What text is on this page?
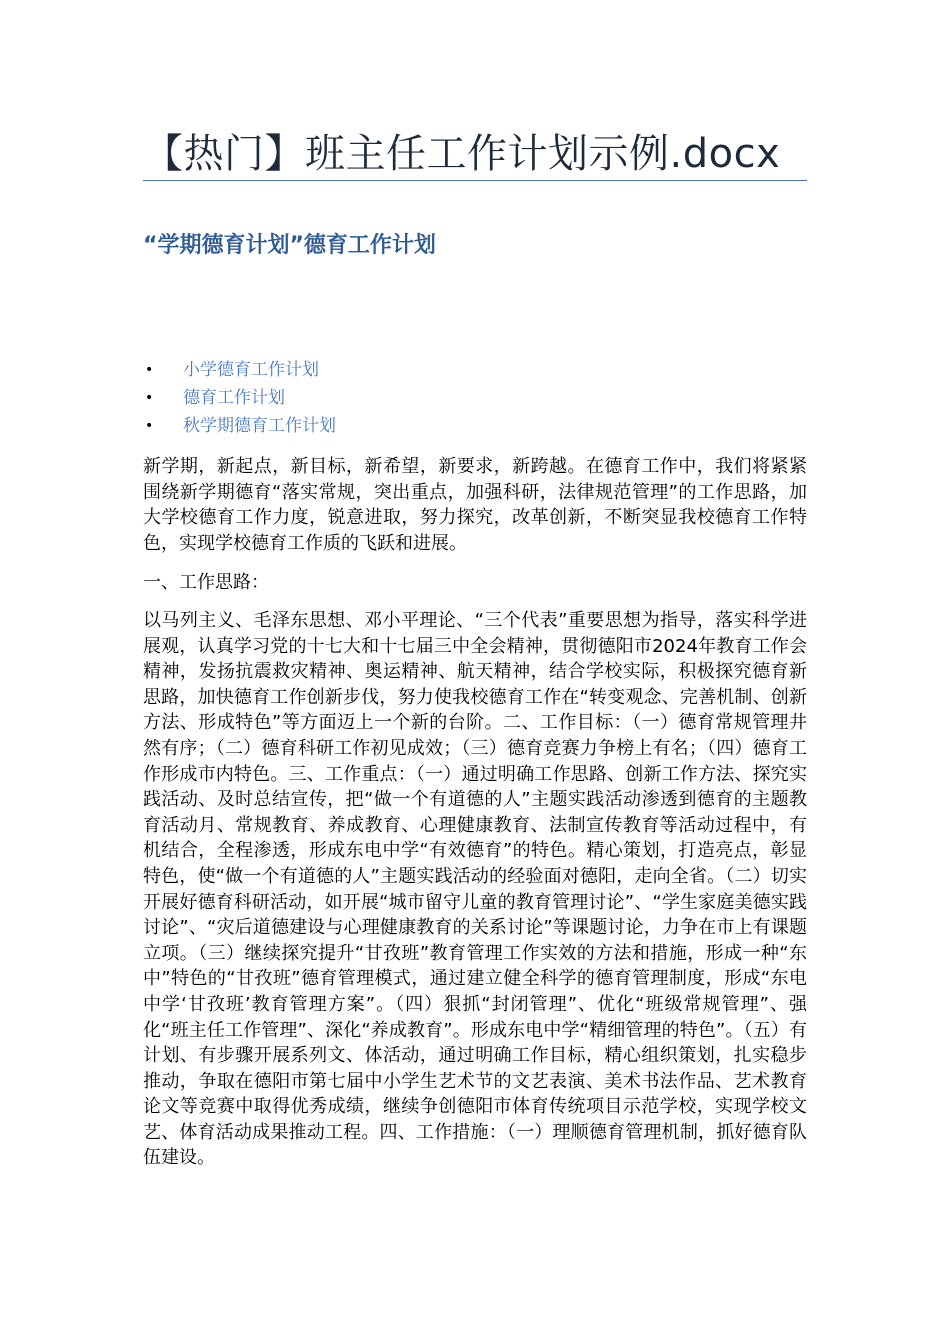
【热门】班主任工作计划示例.docx
“学期德育计划”德育工作计划
• 小学德育工作计划
• 德育工作计划
• 秋学期德育工作计划

新学期，新起点，新目标，新希望，新要求，新跨越。在德育工作中，我们将紧紧围绕新学期德育“落实常规，突出重点，加强科研，法律规范管理”的工作思路，加大学校德育工作力度，锐意进取，努力探究，改革创新，不断突显我校德育工作特色，实现学校德育工作质的飞跃和进展。

一、工作思路：

以马列主义、毛泽东思想、邓小平理论、“三个代表”重要思想为指导，落实科学进展观，认真学习党的十七大和十七届三中全会精神，贯彻德阳市2024年教育工作会精神，发扬抗震救灾精神、奥运精神、航天精神，结合学校实际，积极探究德育新思路，加快德育工作创新步伐，努力使我校德育工作在“转变观念、完善机制、创新方法、形成特色”等方面迈上一个新的台阶。二、工作目标：（一）德育常规管理井然有序；（二）德育科研工作初见成效；（三）德育竞赛力争榜上有名；（四）德育工作形成市内特色。三、工作重点：（一）通过明确工作思路、创新工作方法、探究实践活动、及时总结宣传，把“做一个有道德的人”主题实践活动渗透到德育的主题教育活动月、常规教育、养成教育、心理健康教育、法制宣传教育等活动过程中，有机结合，全程渗透，形成东电中学“有效德育”的特色。精心策划，打造亮点，彰显特色，使“做一个有道德的人”主题实践活动的经验面对德阳，走向全省。（二）切实开展好德育科研活动，如开展“城市留守儿童的教育管理讨论”、“学生家庭美德实践讨论”、“灾后道德建设与心理健康教育的关系讨论”等课题讨论，力争在市上有课题立项。（三）继续探究提升“甘孜班”教育管理工作实效的方法和措施，形成一种“东中”特色的“甘孜班”德育管理模式，通过建立健全科学的德育管理制度，形成“东电中学‘甘孜班’教育管理方案”。（四）狠抓“封闭管理”、优化“班级常规管理”、强化“班主任工作管理”、深化“养成教育”。形成东电中学“精细管理的特色”。（五）有计划、有步骤开展系列文、体活动，通过明确工作目标，精心组织策划，扎实稳步推动，争取在德阳市第七届中小学生艺术节的文艺表演、美术书法作品、艺术教育论文等竞赛中取得优秀成绩，继续争创德阳市体育传统项目示范学校，实现学校文艺、体育活动成果推动工程。四、工作措施：（一）理顺德育管理机制，抓好德育队伍建设。
